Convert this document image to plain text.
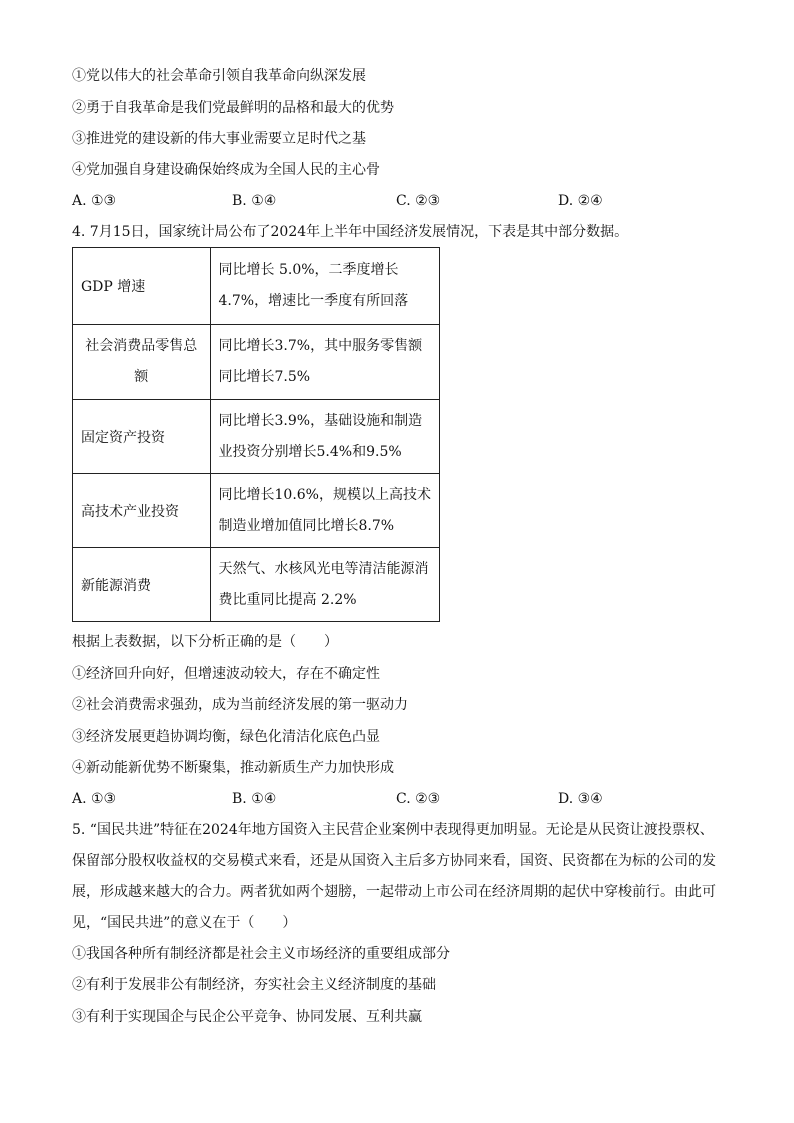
①党以伟大的社会革命引领自我革命向纵深发展
②勇于自我革命是我们党最鲜明的品格和最大的优势
③推进党的建设新的伟大事业需要立足时代之基
④党加强自身建设确保始终成为全国人民的主心骨
A. ①③	B. ①④	C. ②③	D. ②④
4. 7月15日，国家统计局公布了2024年上半年中国经济发展情况，下表是其中部分数据。
GDP 增速	同比增长 5.0%，二季度增长
4.7%，增速比一季度有所回落

社会消费品零售总额	同比增长3.7%，其中服务零售额
同比增长7.5%

固定资产投资	同比增长3.9%，基础设施和制造
业投资分别增长5.4%和9.5%

高技术产业投资	同比增长10.6%，规模以上高技术
制造业增加值同比增长8.7%

新能源消费	天然气、水核风光电等清洁能源消
费比重同比提高 2.2%
根据上表数据，以下分析正确的是（　　）
①经济回升向好，但增速波动较大，存在不确定性
②社会消费需求强劲，成为当前经济发展的第一驱动力
③经济发展更趋协调均衡，绿色化清洁化底色凸显
④新动能新优势不断聚集，推动新质生产力加快形成
A. ①③	B. ①④	C. ②③	D. ③④
5. “国民共进”特征在2024年地方国资入主民营企业案例中表现得更加明显。无论是从民资让渡投票权、
保留部分股权收益权的交易模式来看，还是从国资入主后多方协同来看，国资、民资都在为标的公司的发
展，形成越来越大的合力。两者犹如两个翅膀，一起带动上市公司在经济周期的起伏中穿梭前行。由此可
见，“国民共进”的意义在于（　　）
①我国各种所有制经济都是社会主义市场经济的重要组成部分
②有利于发展非公有制经济，夯实社会主义经济制度的基础
③有利于实现国企与民企公平竞争、协同发展、互利共赢
